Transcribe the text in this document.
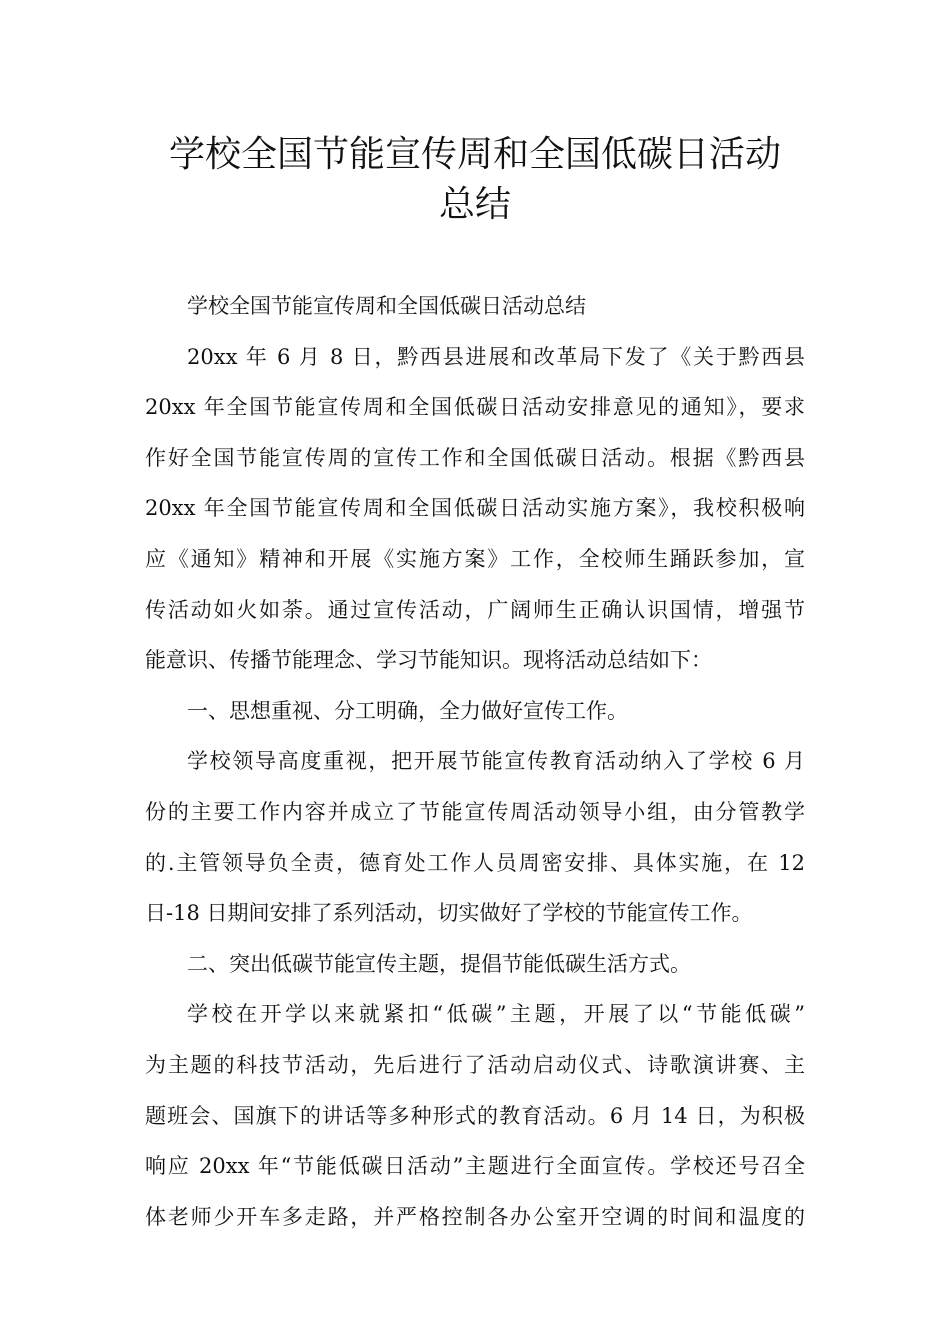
学校全国节能宣传周和全国低碳日活动
总结
学校全国节能宣传周和全国低碳日活动总结
20xx 年 6 月 8 日，黔西县进展和改革局下发了《关于黔西县
20xx 年全国节能宣传周和全国低碳日活动安排意见的通知》，要求
作好全国节能宣传周的宣传工作和全国低碳日活动。根据《黔西县
20xx 年全国节能宣传周和全国低碳日活动实施方案》，我校积极响
应《通知》精神和开展《实施方案》工作，全校师生踊跃参加，宣
传活动如火如荼。通过宣传活动，广阔师生正确认识国情，增强节
能意识、传播节能理念、学习节能知识。现将活动总结如下：
一、思想重视、分工明确，全力做好宣传工作。
学校领导高度重视，把开展节能宣传教育活动纳入了学校 6 月
份的主要工作内容并成立了节能宣传周活动领导小组，由分管教学
的.主管领导负全责，德育处工作人员周密安排、具体实施，在 12
日-18 日期间安排了系列活动，切实做好了学校的节能宣传工作。
二、突出低碳节能宣传主题，提倡节能低碳生活方式。
学校在开学以来就紧扣“低碳”主题，开展了以“节能低碳”
为主题的科技节活动，先后进行了活动启动仪式、诗歌演讲赛、主
题班会、国旗下的讲话等多种形式的教育活动。6 月 14 日，为积极
响应 20xx 年“节能低碳日活动”主题进行全面宣传。学校还号召全
体老师少开车多走路，并严格控制各办公室开空调的时间和温度的
